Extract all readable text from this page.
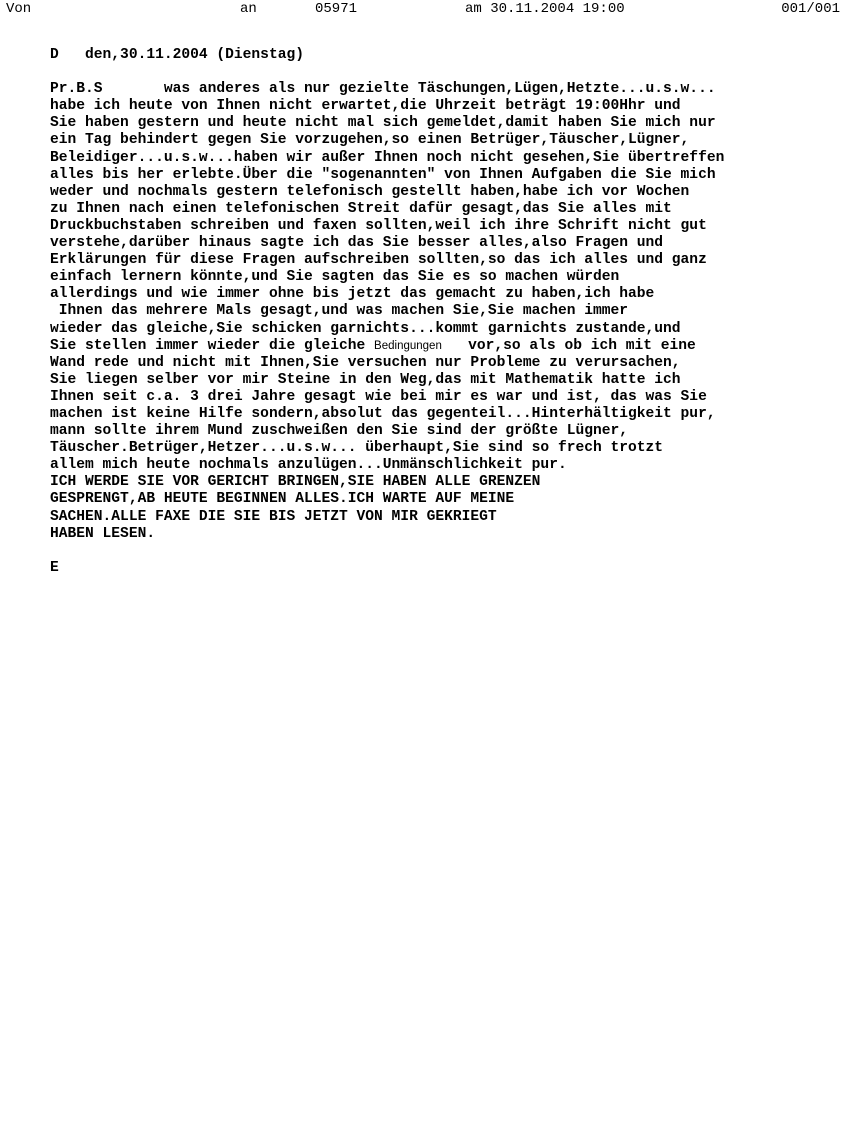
Von	an	05971	am 30.11.2004 19:00	001/001
D   den,30.11.2004 (Dienstag)
Pr.B.S       was anderes als nur gezielte Täschungen,Lügen,Hetzte...u.s.w...
habe ich heute von Ihnen nicht erwartet,die Uhrzeit beträgt 19:00Hhr und
Sie haben gestern und heute nicht mal sich gemeldet,damit haben Sie mich nur
ein Tag behindert gegen Sie vorzugehen,so einen Betrüger,Täuscher,Lügner,
Beleidiger...u.s.w...haben wir außer Ihnen noch nicht gesehen,Sie übertreffen
alles bis her erlebte.Über die "sogenannten" von Ihnen Aufgaben die Sie mich
weder und nochmals gestern telefonisch gestellt haben,habe ich vor Wochen
zu Ihnen nach einen telefonischen Streit dafür gesagt,das Sie alles mit
Druckbuchstaben schreiben und faxen sollten,weil ich ihre Schrift nicht gut
verstehe,darüber hinaus sagte ich das Sie besser alles,also Fragen und
Erklärungen für diese Fragen aufschreiben sollten,so das ich alles und ganz
einfach lernern könnte,und Sie sagten das Sie es so machen würden
allerdings und wie immer ohne bis jetzt das gemacht zu haben,ich habe
Ihnen das mehrere Mals gesagt,und was machen Sie,Sie machen immer
wieder das gleiche,Sie schicken garnichts...kommt garnichts zustande,und
Sie stellen immer wieder die gleiche Bedingungen   vor,so als ob ich mit eine
Wand rede und nicht mit Ihnen,Sie versuchen nur Probleme zu verursachen,
Sie liegen selber vor mir Steine in den Weg,das mit Mathematik hatte ich
Ihnen seit c.a. 3 drei Jahre gesagt wie bei mir es war und ist, das was Sie
machen ist keine Hilfe sondern,absolut das gegenteil...Hinterhältigkeit pur,
mann sollte ihrem Mund zuschweißen den Sie sind der größte Lügner,
Täuscher.Betrüger,Hetzer...u.s.w... überhaupt,Sie sind so frech trotzt
allem mich heute nochmals anzulügen...Unmänschlichkeit pur.
ICH WERDE SIE VOR GERICHT BRINGEN,SIE HABEN ALLE GRENZEN
GESPRENGT,AB HEUTE BEGINNEN ALLES.ICH WARTE AUF MEINE
SACHEN.ALLE FAXE DIE SIE BIS JETZT VON MIR GEKRIEGT
HABEN LESEN.
E
